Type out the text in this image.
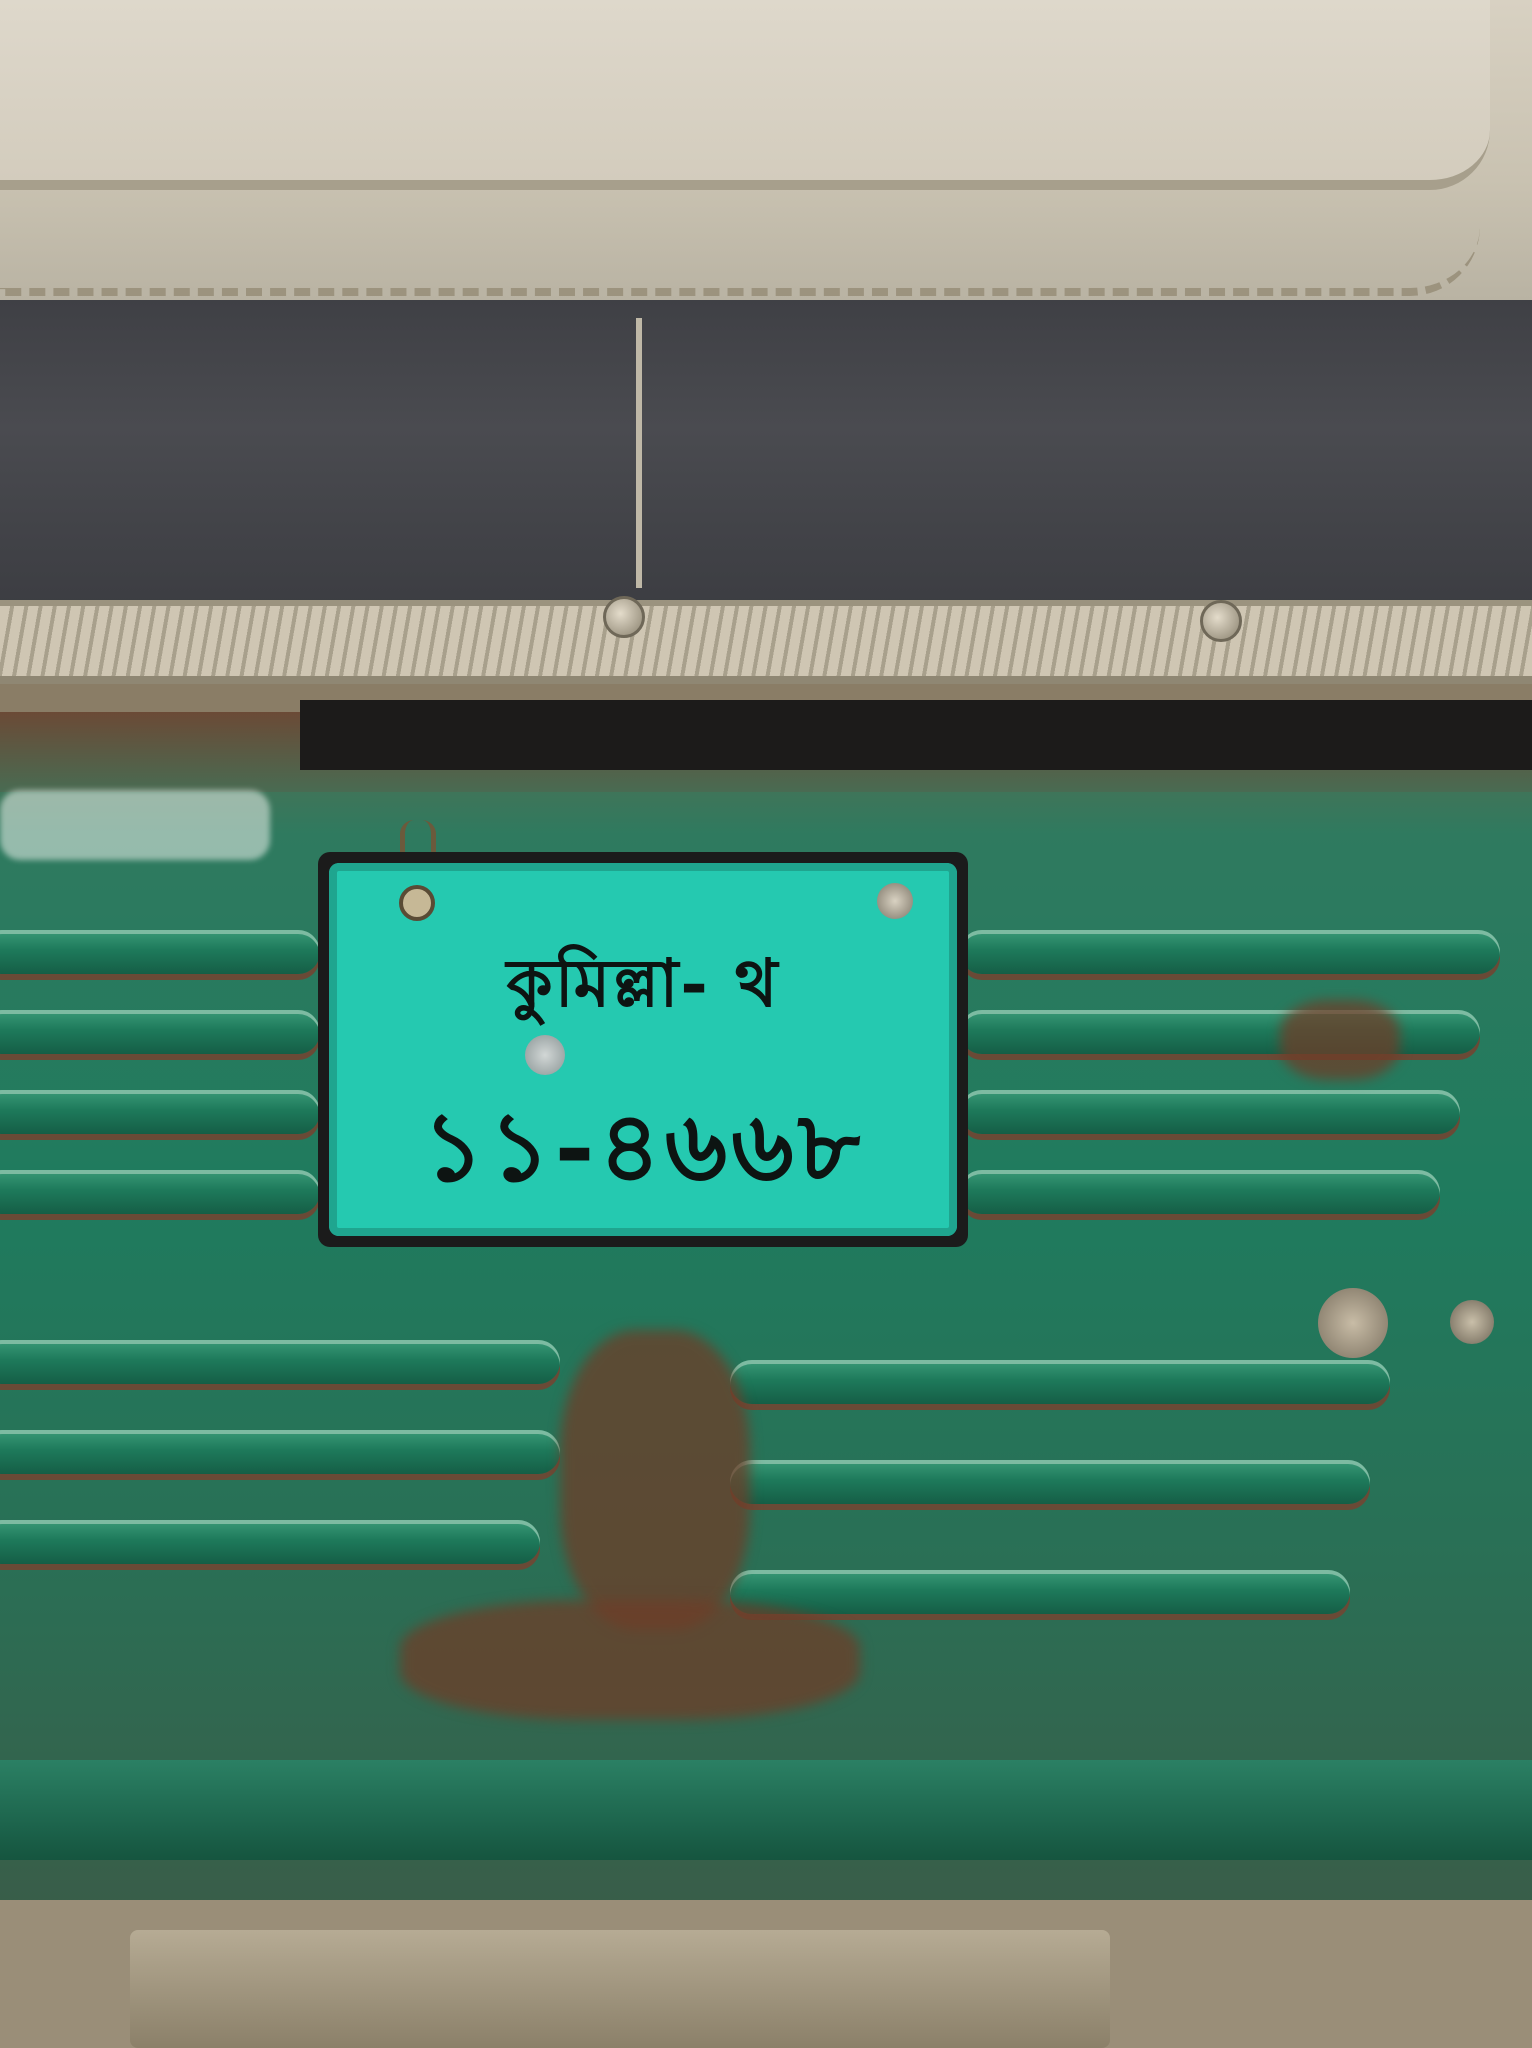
কুমিল্লা- থ
১১-৪৬৬৮
